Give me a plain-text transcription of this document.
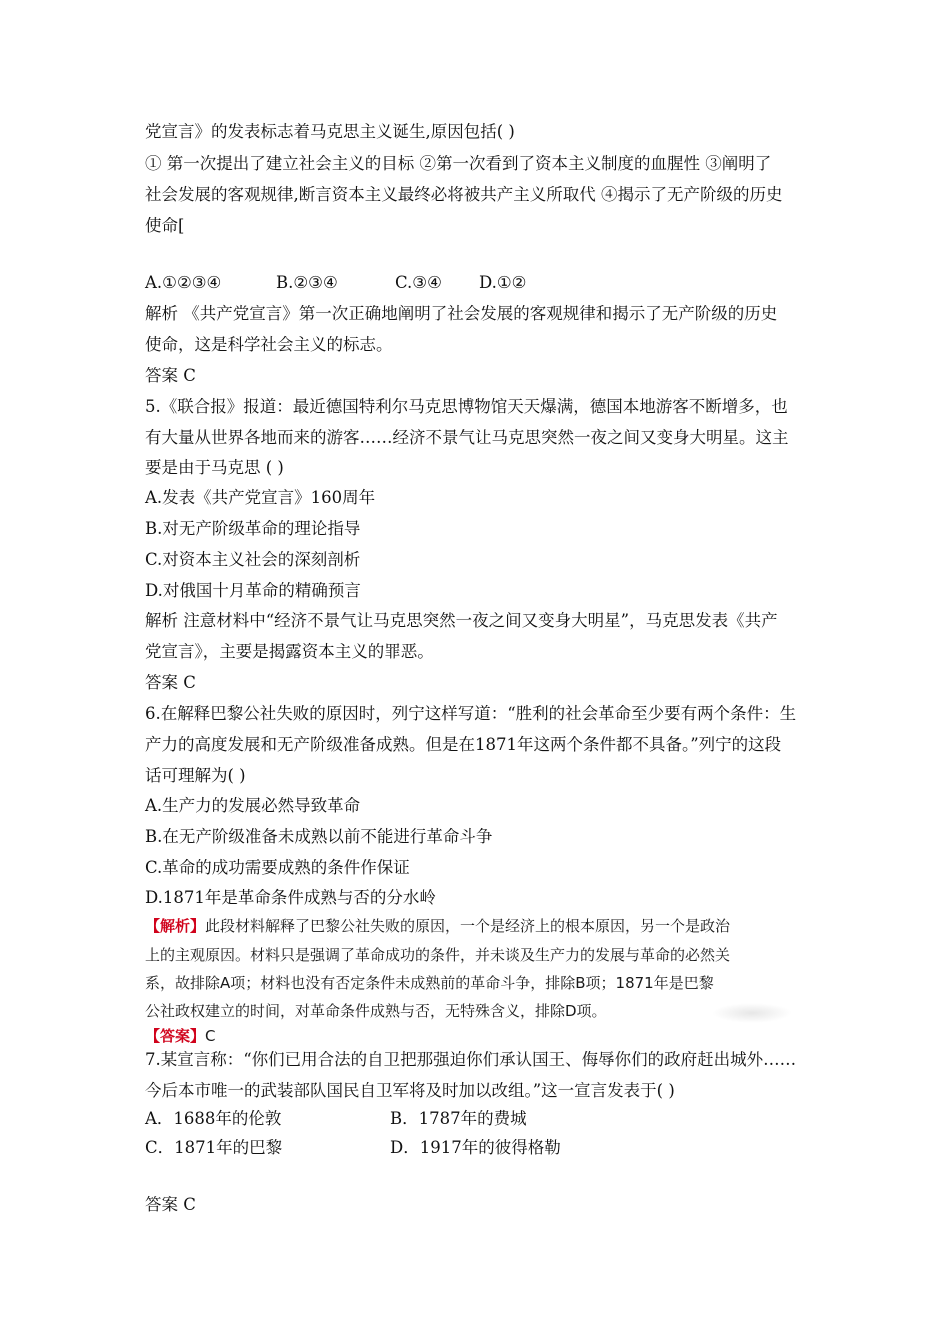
党宣言》的发表标志着马克思主义诞生,原因包括( )
① 第一次提出了建立社会主义的目标 ②第一次看到了资本主义制度的血腥性 ③阐明了
社会发展的客观规律,断言资本主义最终必将被共产主义所取代 ④揭示了无产阶级的历史
使命[
A.①②③④	B.②③④	C.③④ D.①②
解析 《共产党宣言》第一次正确地阐明了社会发展的客观规律和揭示了无产阶级的历史
使命，这是科学社会主义的标志。
答案 C
5.《联合报》报道：最近德国特利尔马克思博物馆天天爆满，德国本地游客不断增多，也
有大量从世界各地而来的游客……经济不景气让马克思突然一夜之间又变身大明星。这主
要是由于马克思 ( )
A.发表《共产党宣言》160周年
B.对无产阶级革命的理论指导
C.对资本主义社会的深刻剖析
D.对俄国十月革命的精确预言
解析 注意材料中“经济不景气让马克思突然一夜之间又变身大明星”，马克思发表《共产
党宣言》，主要是揭露资本主义的罪恶。
答案 C
6.在解释巴黎公社失败的原因时，列宁这样写道：“胜利的社会革命至少要有两个条件：生
产力的高度发展和无产阶级准备成熟。但是在1871年这两个条件都不具备。”列宁的这段
话可理解为( )
A.生产力的发展必然导致革命
B.在无产阶级准备未成熟以前不能进行革命斗争
C.革命的成功需要成熟的条件作保证
D.1871年是革命条件成熟与否的分水岭
【解析】此段材料解释了巴黎公社失败的原因，一个是经济上的根本原因，另一个是政治
上的主观原因。材料只是强调了革命成功的条件，并未谈及生产力的发展与革命的必然关
系，故排除A项；材料也没有否定条件未成熟前的革命斗争，排除B项；1871年是巴黎
公社政权建立的时间，对革命条件成熟与否，无特殊含义，排除D项。
【答案】C
7.某宣言称：“你们已用合法的自卫把那强迫你们承认国王、侮辱你们的政府赶出城外……
今后本市唯一的武装部队国民自卫军将及时加以改组。”这一宣言发表于( )
A．1688年的伦敦	B．1787年的费城
C．1871年的巴黎	D．1917年的彼得格勒
答案 C
